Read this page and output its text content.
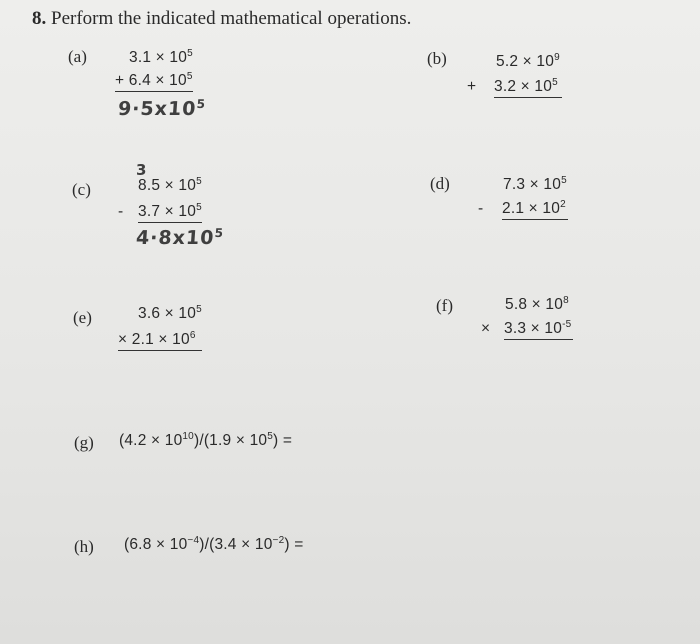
8. Perform the indicated mathematical operations.
(a)	$3.1 \times 10^5$
+ $6.4 \times 10^5$
$9\cdot 5x10^5$
(b)	$5.2 \times 10^9$
+ $3.2 \times 10^5$
(c)
3
$8.5 \times 10^5$
- $3.7 \times 10^5$
$4\cdot 8x10^5$
(d)	$7.3 \times 10^5$
- $2.1 \times 10^2$
(e)	$3.6 \times 10^5$
× $2.1 \times 10^6$
(f)	$5.8 \times 10^8$
× $3.3 \times 10^{-5}$
(g) $(4.2 \times 10^{10})/(1.9 \times 10^5)$ =
(h) $(6.8 \times 10^{-4})/(3.4 \times 10^{-2})$ =
